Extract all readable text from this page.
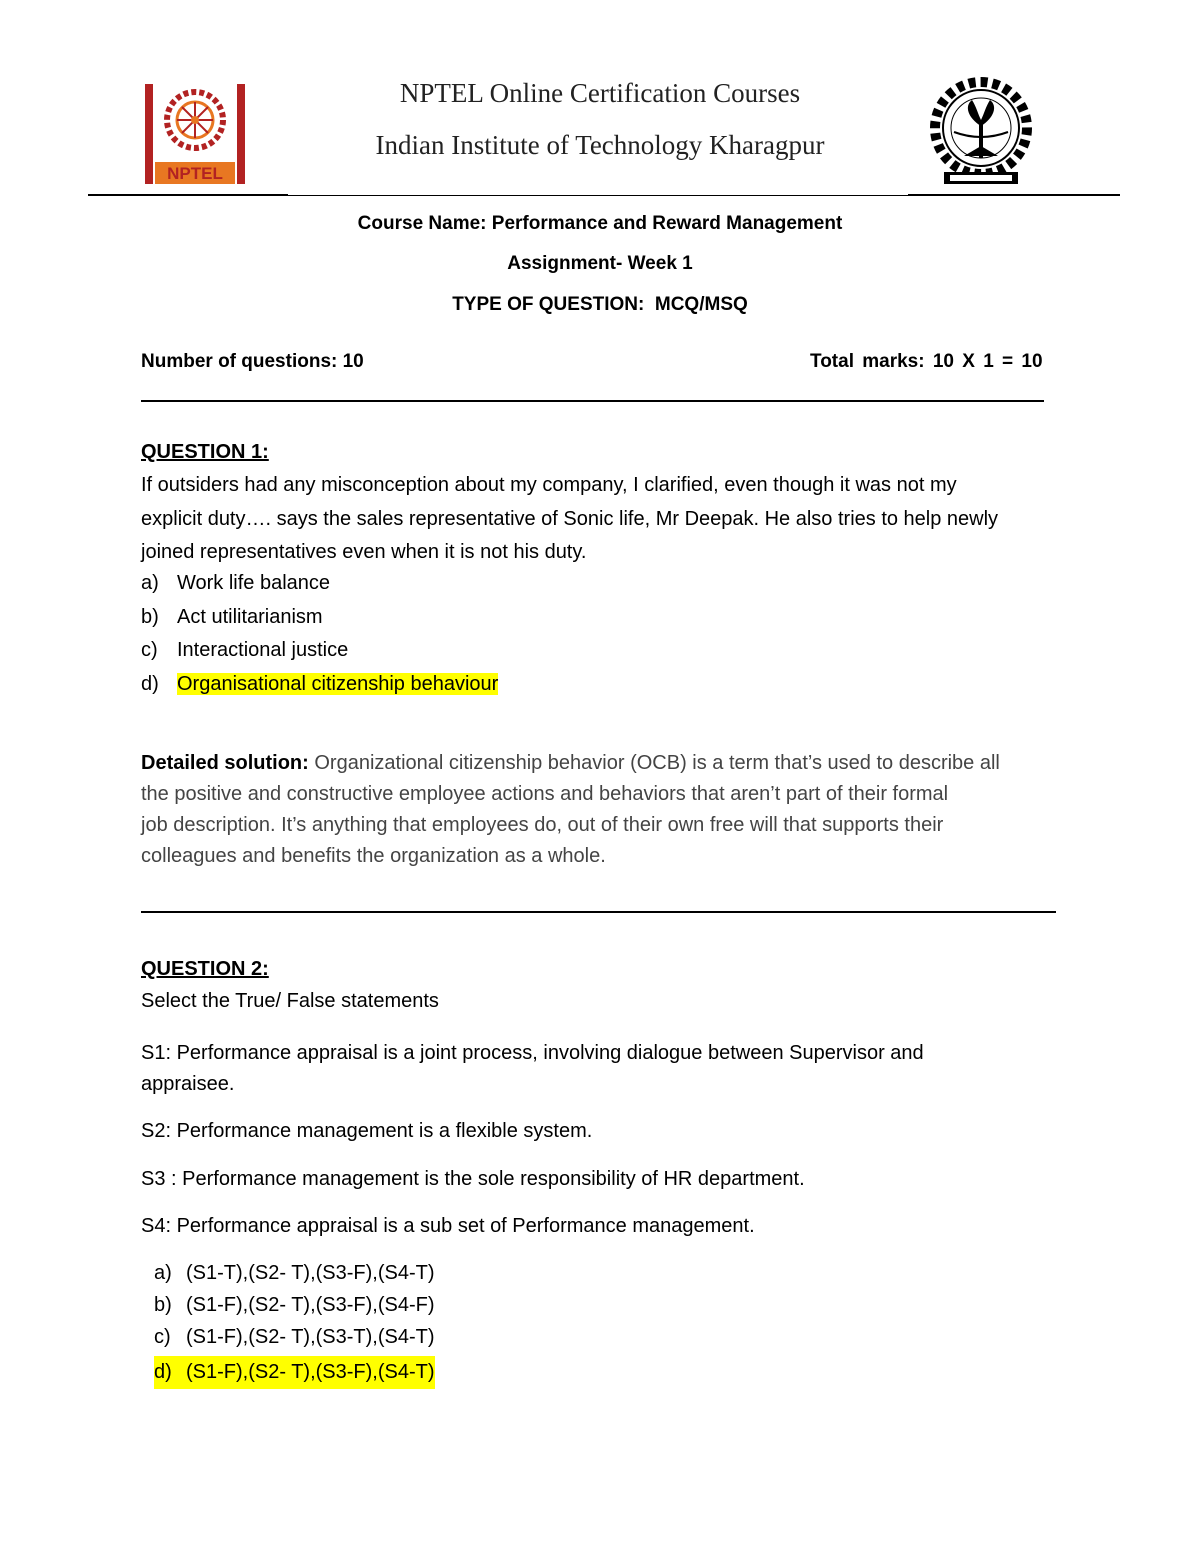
NPTEL
NPTEL Online Certification Courses
Indian Institute of Technology Kharagpur
Course Name: Performance and Reward Management
Assignment- Week 1
TYPE OF QUESTION:  MCQ/MSQ
Number of questions: 10	Total marks: 10 X 1 = 10
QUESTION 1:
If outsiders had any misconception about my company, I clarified, even though it was not my
explicit duty…. says the sales representative of Sonic life, Mr Deepak. He also tries to help newly
joined representatives even when it is not his duty.
a) Work life balance
b) Act utilitarianism
c) Interactional justice
d) Organisational citizenship behaviour
Detailed solution: Organizational citizenship behavior (OCB) is a term that’s used to describe all
the positive and constructive employee actions and behaviors that aren’t part of their formal
job description. It’s anything that employees do, out of their own free will that supports their
colleagues and benefits the organization as a whole.
QUESTION 2:
Select the True/ False statements
S1: Performance appraisal is a joint process, involving dialogue between Supervisor and
appraisee.
S2: Performance management is a flexible system.
S3 : Performance management is the sole responsibility of HR department.
S4: Performance appraisal is a sub set of Performance management.
a) (S1-T),(S2- T),(S3-F),(S4-T)
b) (S1-F),(S2- T),(S3-F),(S4-F)
c) (S1-F),(S2- T),(S3-T),(S4-T)
d) (S1-F),(S2- T),(S3-F),(S4-T)
